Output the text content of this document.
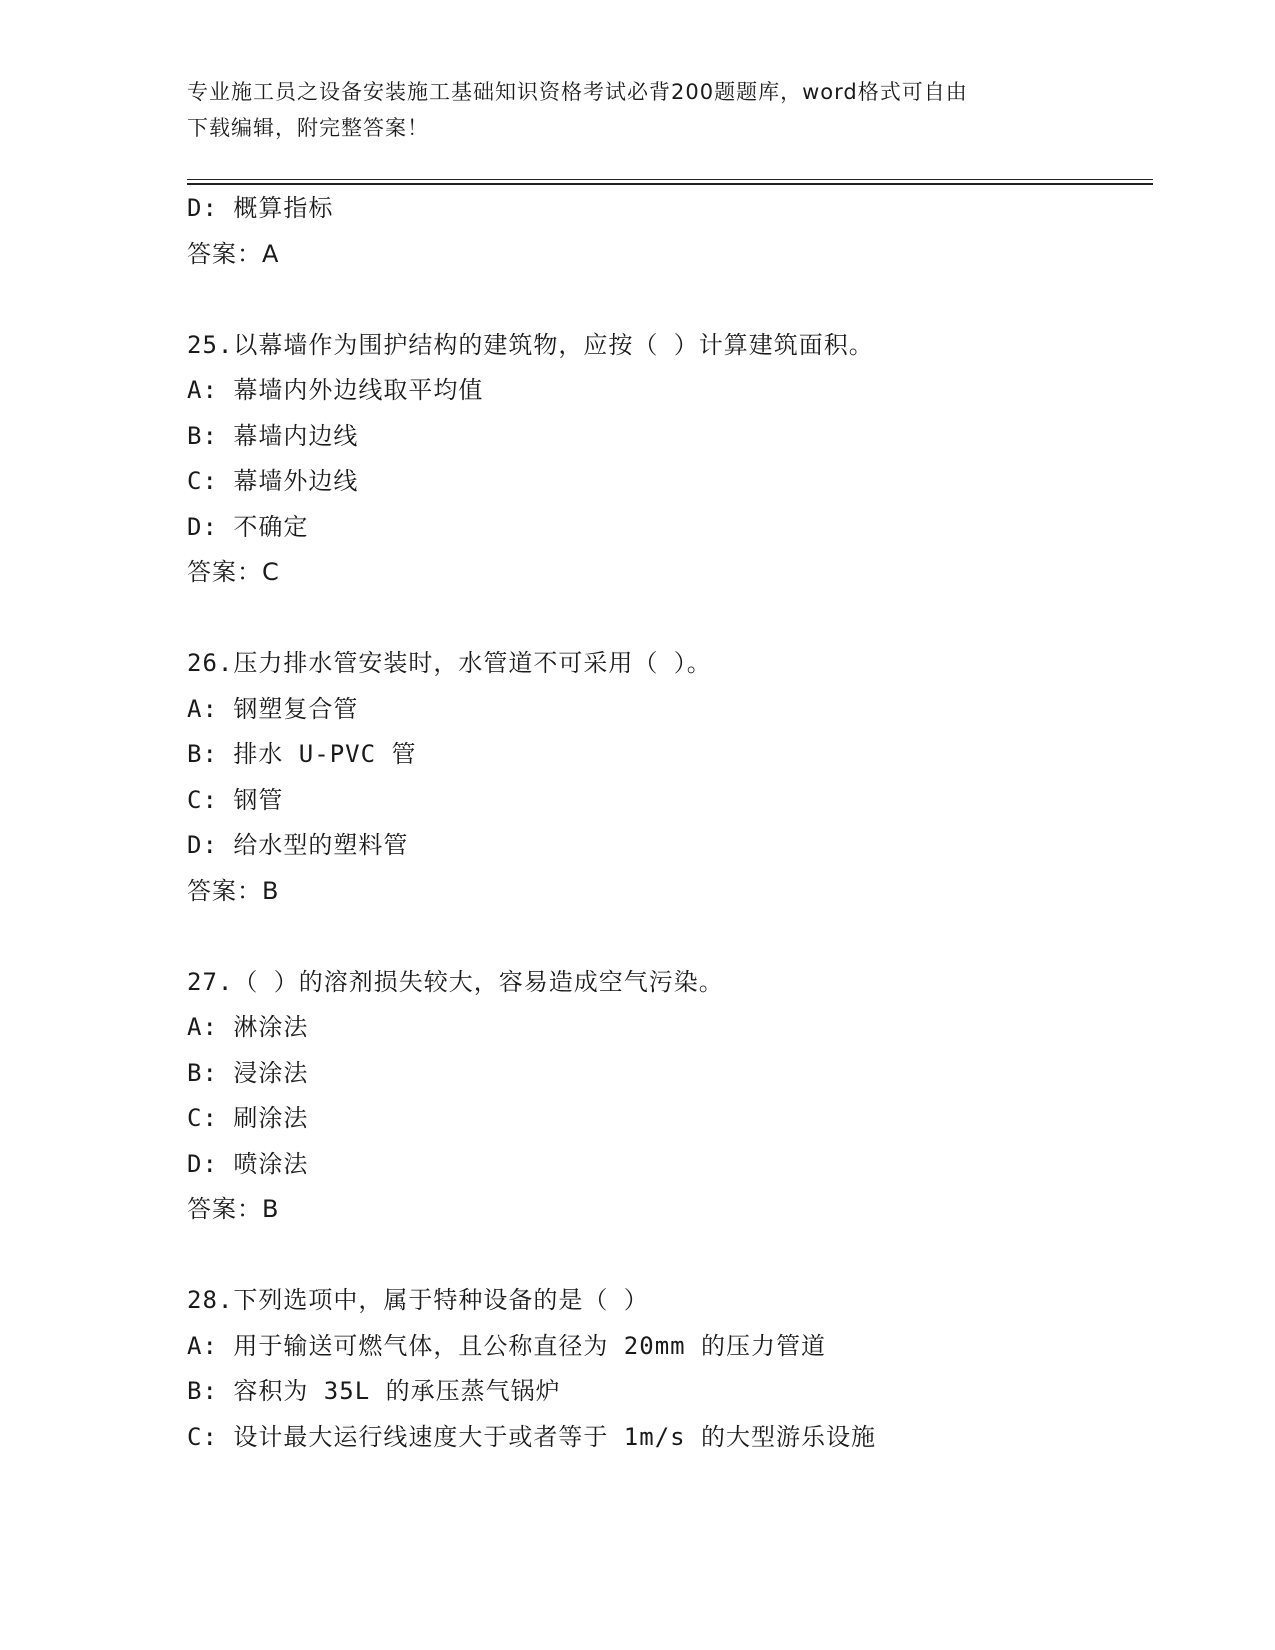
专业施工员之设备安装施工基础知识资格考试必背200题题库，word格式可自由
下载编辑，附完整答案！
D: 概算指标
答案：A
25.以幕墙作为围护结构的建筑物，应按（ ）计算建筑面积。
A: 幕墙内外边线取平均值
B: 幕墙内边线
C: 幕墙外边线
D: 不确定
答案：C
26.压力排水管安装时，水管道不可采用（ ）。
A: 钢塑复合管
B: 排水 U-PVC 管
C: 钢管
D: 给水型的塑料管
答案：B
27.（ ）的溶剂损失较大，容易造成空气污染。
A: 淋涂法
B: 浸涂法
C: 刷涂法
D: 喷涂法
答案：B
28.下列选项中，属于特种设备的是（ ）
A: 用于输送可燃气体，且公称直径为 20mm 的压力管道
B: 容积为 35L 的承压蒸气锅炉
C: 设计最大运行线速度大于或者等于 1m/s 的大型游乐设施
